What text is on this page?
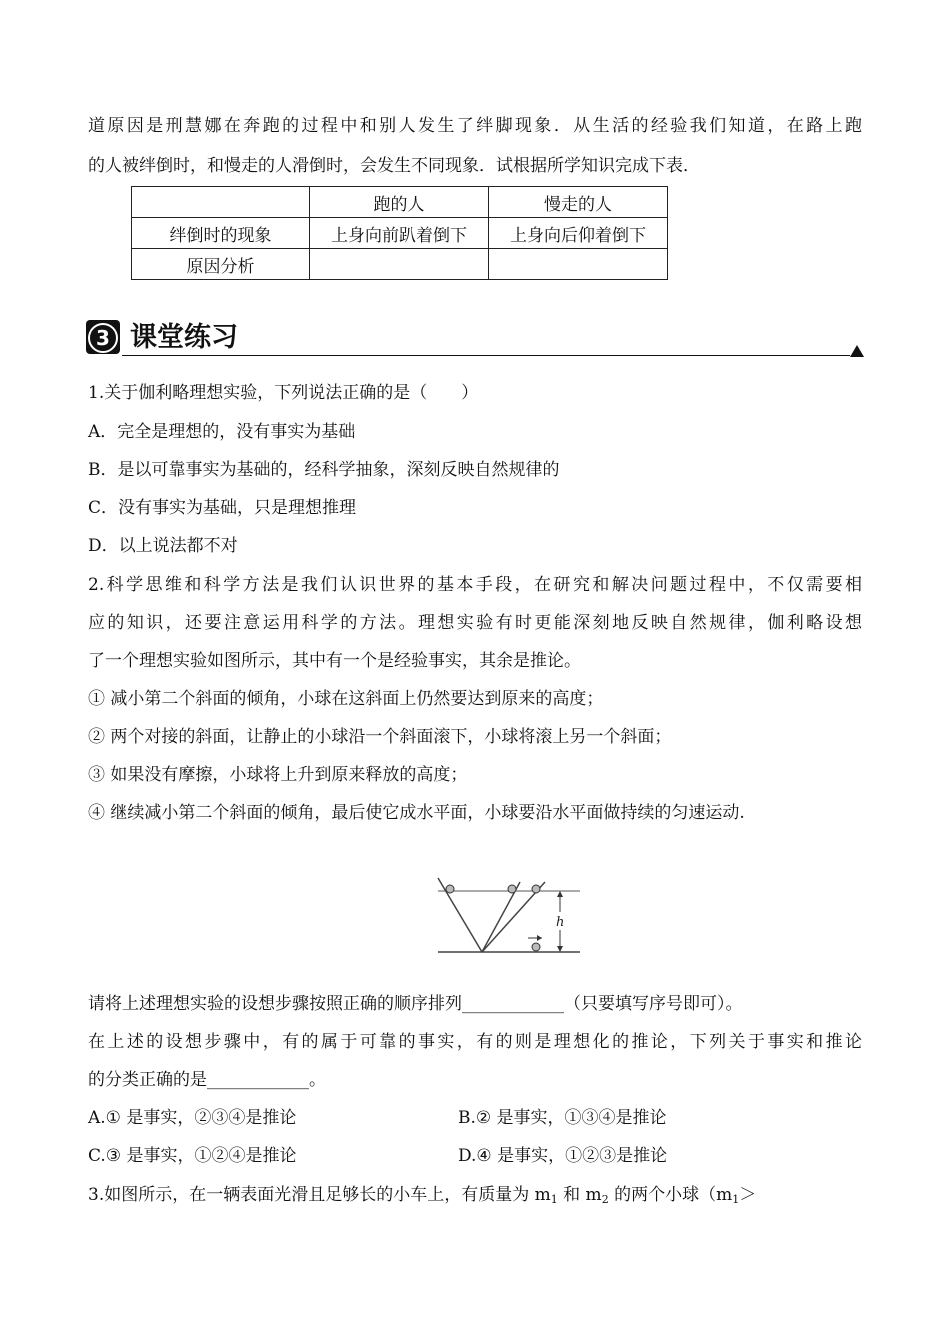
道原因是刑慧娜在奔跑的过程中和别人发生了绊脚现象．从生活的经验我们知道，在路上跑
的人被绊倒时，和慢走的人滑倒时，会发生不同现象．试根据所学知识完成下表．
	跑的人	慢走的人
绊倒时的现象	上身向前趴着倒下	上身向后仰着倒下
原因分析		
3 课堂练习
1.关于伽利略理想实验，下列说法正确的是（　　）
A．完全是理想的，没有事实为基础
B．是以可靠事实为基础的，经科学抽象，深刻反映自然规律的
C．没有事实为基础，只是理想推理
D．以上说法都不对
2.科学思维和科学方法是我们认识世界的基本手段，在研究和解决问题过程中，不仅需要相
应的知识，还要注意运用科学的方法。理想实验有时更能深刻地反映自然规律，伽利略设想
了一个理想实验如图所示，其中有一个是经验事实，其余是推论。
① 减小第二个斜面的倾角，小球在这斜面上仍然要达到原来的高度；
② 两个对接的斜面，让静止的小球沿一个斜面滚下，小球将滚上另一个斜面；
③ 如果没有摩擦，小球将上升到原来释放的高度；
④ 继续减小第二个斜面的倾角，最后使它成水平面，小球要沿水平面做持续的匀速运动.
h
请将上述理想实验的设想步骤按照正确的顺序排列____________（只要填写序号即可）。
在上述的设想步骤中，有的属于可靠的事实，有的则是理想化的推论，下列关于事实和推论
的分类正确的是____________。
A.① 是事实，②③④是推论	B.② 是事实，①③④是推论
C.③ 是事实，①②④是推论	D.④ 是事实，①②③是推论
3.如图所示，在一辆表面光滑且足够长的小车上，有质量为 $m_1$ 和 $m_2$ 的两个小球（$m_1>$
